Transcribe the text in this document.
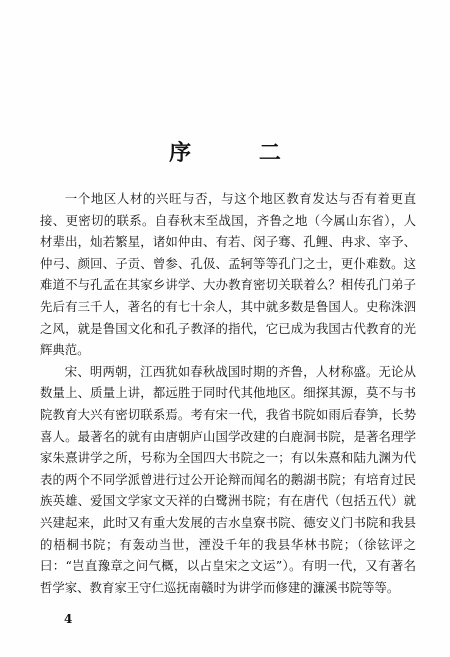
序 二

一个地区人材的兴旺与否，与这个地区教育发达与否有着更直接、更密切的联系。自春秋末至战国，齐鲁之地（今属山东省），人材辈出，灿若繁星，诸如仲由、有若、闵子骞、孔鲤、冉求、宰予、仲弓、颜回、子贡、曾参、孔伋、孟轲等等孔门之士，更仆难数。这难道不与孔孟在其家乡讲学、大办教育密切关联着么？相传孔门弟子先后有三千人，著名的有七十余人，其中就多数是鲁国人。史称洙泗之风，就是鲁国文化和孔子教泽的指代，它已成为我国古代教育的光辉典范。

宋、明两朝，江西犹如春秋战国时期的齐鲁，人材称盛。无论从数量上、质量上讲，都远胜于同时代其他地区。细探其源，莫不与书院教育大兴有密切联系焉。考有宋一代，我省书院如雨后春笋，长势喜人。最著名的就有由唐朝庐山国学改建的白鹿洞书院，是著名理学家朱熹讲学之所，号称为全国四大书院之一；有以朱熹和陆九渊为代表的两个不同学派曾进行过公开论辩而闻名的鹅湖书院；有培育过民族英雄、爱国文学家文天祥的白鹭洲书院；有在唐代（包括五代）就兴建起来，此时又有重大发展的吉水皇寮书院、德安义门书院和我县的梧桐书院；有轰动当世，湮没千年的我县华林书院；（徐铉评之曰：“岂直豫章之问气概，以占皇宋之文运”）。有明一代，又有著名哲学家、教育家王守仁巡抚南赣时为讲学而修建的濂溪书院等等。

4
